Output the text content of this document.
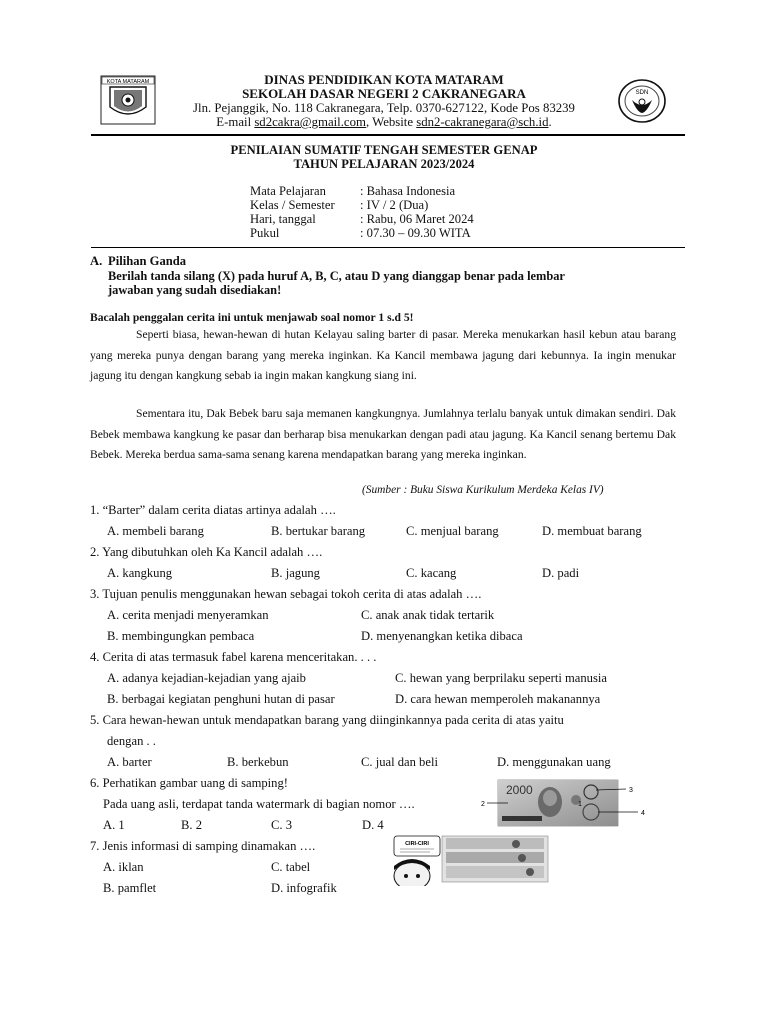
KOTA MATARAM
SDN
DINAS PENDIDIKAN KOTA MATARAM
SEKOLAH DASAR NEGERI 2 CAKRANEGARA
Jln. Pejanggik, No. 118 Cakranegara, Telp. 0370-627122, Kode Pos 83239
E-mail sd2cakra@gmail.com, Website sdn2-cakranegara@sch.id.
PENILAIAN SUMATIF TENGAH SEMESTER GENAP
TAHUN PELAJARAN 2023/2024
Mata Pelajaran	: Bahasa Indonesia
Kelas / Semester : IV / 2 (Dua)
Hari, tanggal	: Rabu, 06 Maret 2024
Pukul	: 07.30 – 09.30 WITA
A. Pilihan Ganda
Berilah tanda silang (X) pada huruf A, B, C, atau D yang dianggap benar pada lembar
jawaban yang sudah disediakan!
Bacalah penggalan cerita ini untuk menjawab soal nomor 1 s.d 5!
Seperti biasa, hewan-hewan di hutan Kelayau saling barter di pasar. Mereka menukarkan hasil kebun atau barang yang mereka punya dengan barang yang mereka inginkan. Ka Kancil membawa jagung dari kebunnya. Ia ingin menukar jagung itu dengan kangkung sebab ia ingin makan kangkung siang ini.
Sementara itu, Dak Bebek baru saja memanen kangkungnya. Jumlahnya terlalu banyak untuk dimakan sendiri. Dak Bebek membawa kangkung ke pasar dan berharap bisa menukarkan dengan padi atau jagung. Ka Kancil senang bertemu Dak Bebek. Mereka berdua sama-sama senang karena mendapatkan barang yang mereka inginkan.
(Sumber : Buku Siswa Kurikulum Merdeka Kelas IV)
1. “Barter” dalam cerita diatas artinya adalah ….
A. membeli barang	B. bertukar barang	C. menjual barang	D. membuat barang
2. Yang dibutuhkan oleh Ka Kancil adalah ….
A. kangkung	B. jagung	C. kacang	D. padi
3. Tujuan penulis menggunakan hewan sebagai tokoh cerita di atas adalah ….
A. cerita menjadi menyeramkan	C. anak anak tidak tertarik
B. membingungkan pembaca	D. menyenangkan ketika dibaca
4. Cerita di atas termasuk fabel karena menceritakan. . . .
A. adanya kejadian-kejadian yang ajaib	C. hewan yang berprilaku seperti manusia
B. berbagai kegiatan penghuni hutan di pasar	D. cara hewan memperoleh makanannya
5. Cara hewan-hewan untuk mendapatkan barang yang diinginkannya pada cerita di atas yaitu
dengan . .
A. barter	B. berkebun	C. jual dan beli	D. menggunakan uang
6. Perhatikan gambar uang di samping!
Pada uang asli, terdapat tanda watermark di bagian nomor ….
A. 1	B. 2	C. 3	D. 4
2000
2	1
3
4
7. Jenis informasi di samping dinamakan ….
A. iklan	C. tabel
B. pamflet	D. infografik
CIRI-CIRI
